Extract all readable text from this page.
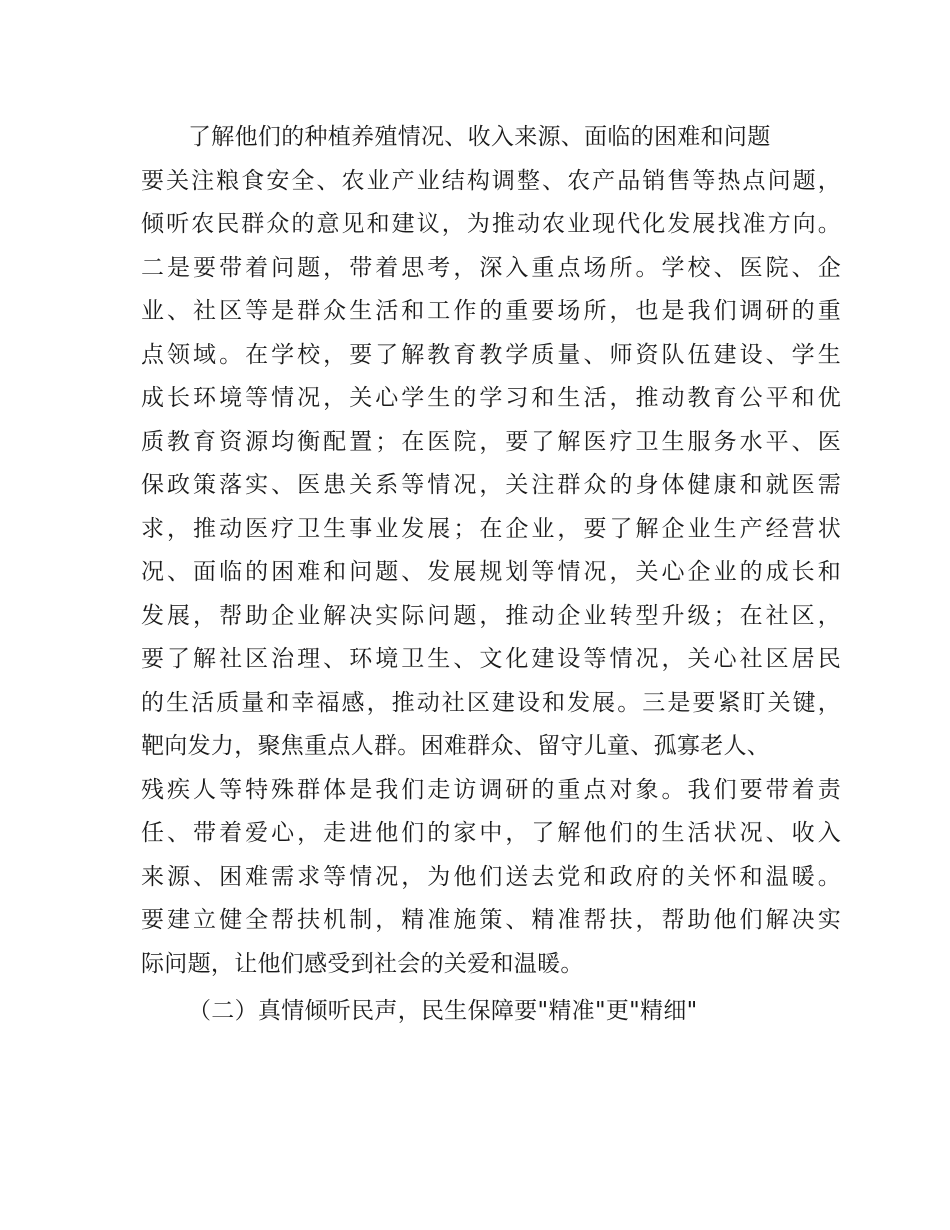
了解他们的种植养殖情况、收入来源、面临的困难和问题
要关注粮食安全、农业产业结构调整、农产品销售等热点问题，
倾听农民群众的意见和建议，为推动农业现代化发展找准方向。
二是要带着问题，带着思考，深入重点场所。学校、医院、企
业、社区等是群众生活和工作的重要场所，也是我们调研的重
点领域。在学校，要了解教育教学质量、师资队伍建设、学生
成长环境等情况，关心学生的学习和生活，推动教育公平和优
质教育资源均衡配置；在医院，要了解医疗卫生服务水平、医
保政策落实、医患关系等情况，关注群众的身体健康和就医需
求，推动医疗卫生事业发展；在企业，要了解企业生产经营状
况、面临的困难和问题、发展规划等情况，关心企业的成长和
发展，帮助企业解决实际问题，推动企业转型升级；在社区，
要了解社区治理、环境卫生、文化建设等情况，关心社区居民
的生活质量和幸福感，推动社区建设和发展。三是要紧盯关键，
靶向发力，聚焦重点人群。困难群众、留守儿童、孤寡老人、
残疾人等特殊群体是我们走访调研的重点对象。我们要带着责
任、带着爱心，走进他们的家中，了解他们的生活状况、收入
来源、困难需求等情况，为他们送去党和政府的关怀和温暖。
要建立健全帮扶机制，精准施策、精准帮扶，帮助他们解决实
际问题，让他们感受到社会的关爱和温暖。
（二）真情倾听民声，民生保障要"精准"更"精细"
